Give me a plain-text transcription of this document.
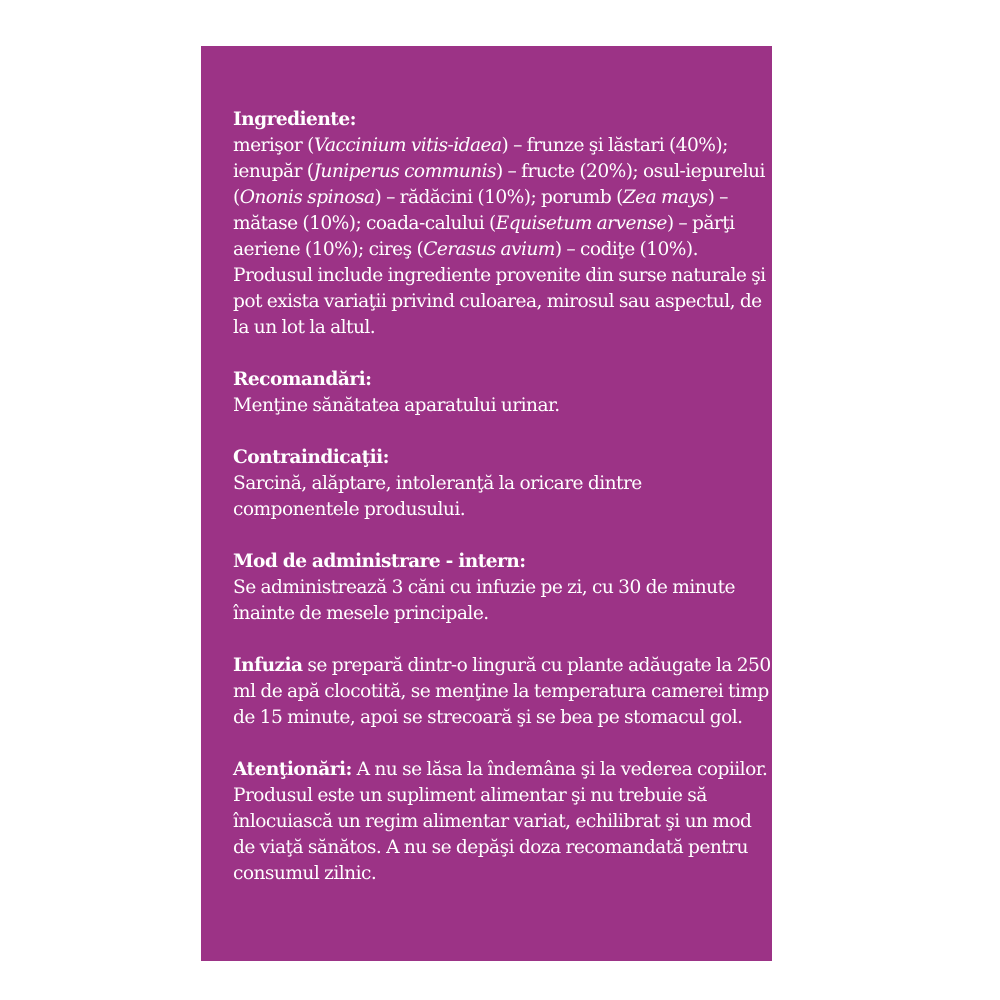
Ingrediente:
merişor (Vaccinium vitis-idaea) – frunze şi lăstari (40%);
ienupăr (Juniperus communis) – fructe (20%); osul-iepurelui
(Ononis spinosa) – rădăcini (10%); porumb (Zea mays) –
mătase (10%); coada-calului (Equisetum arvense) – părţi
aeriene (10%); cireş (Cerasus avium) – codiţe (10%).
Produsul include ingrediente provenite din surse naturale şi
pot exista variaţii privind culoarea, mirosul sau aspectul, de
la un lot la altul.
Recomandări:
Menţine sănătatea aparatului urinar.
Contraindicaţii:
Sarcină, alăptare, intoleranţă la oricare dintre
componentele produsului.
Mod de administrare - intern:
Se administrează 3 căni cu infuzie pe zi, cu 30 de minute
înainte de mesele principale.
Infuzia se prepară dintr-o lingură cu plante adăugate la 250
ml de apă clocotită, se menţine la temperatura camerei timp
de 15 minute, apoi se strecoară şi se bea pe stomacul gol.
Atenţionări: A nu se lăsa la îndemâna şi la vederea copiilor.
Produsul este un supliment alimentar şi nu trebuie să
înlocuiască un regim alimentar variat, echilibrat şi un mod
de viaţă sănătos. A nu se depăşi doza recomandată pentru
consumul zilnic.
